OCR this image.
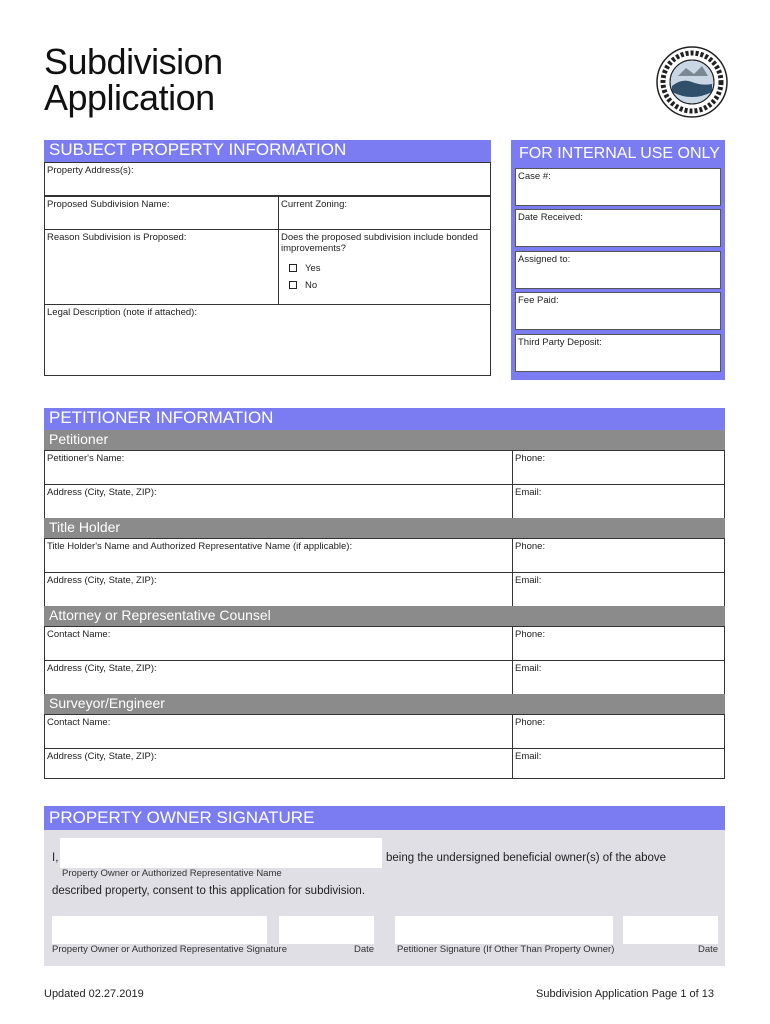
Subdivision
Application
SUBJECT PROPERTY INFORMATION
Property Address(s):
Proposed Subdivision Name:	Current Zoning:
Reason Subdivision is Proposed:	Does the proposed subdivision include bonded improvements?
Yes
No
Legal Description (note if attached):
FOR INTERNAL USE ONLY
Case #:
Date Received:
Assigned to:
Fee Paid:
Third Party Deposit:
PETITIONER INFORMATION
Petitioner
Petitioner's Name:	Phone:
Address (City, State, ZIP):	Email:
Title Holder
Title Holder's Name and Authorized Representative Name (if applicable):	Phone:
Address (City, State, ZIP):	Email:
Attorney or Representative Counsel
Contact Name:	Phone:
Address (City, State, ZIP):	Email:
Surveyor/Engineer
Contact Name:	Phone:
Address (City, State, ZIP):	Email:
PROPERTY OWNER SIGNATURE
I,
Property Owner or Authorized Representative Name
being the undersigned beneficial owner(s) of the above
described property, consent to this application for subdivision.
Property Owner or Authorized Representative Signature	Date Petitioner Signature (If Other Than Property Owner)	Date
Updated 02.27.2019	Subdivision Application Page 1 of 13
